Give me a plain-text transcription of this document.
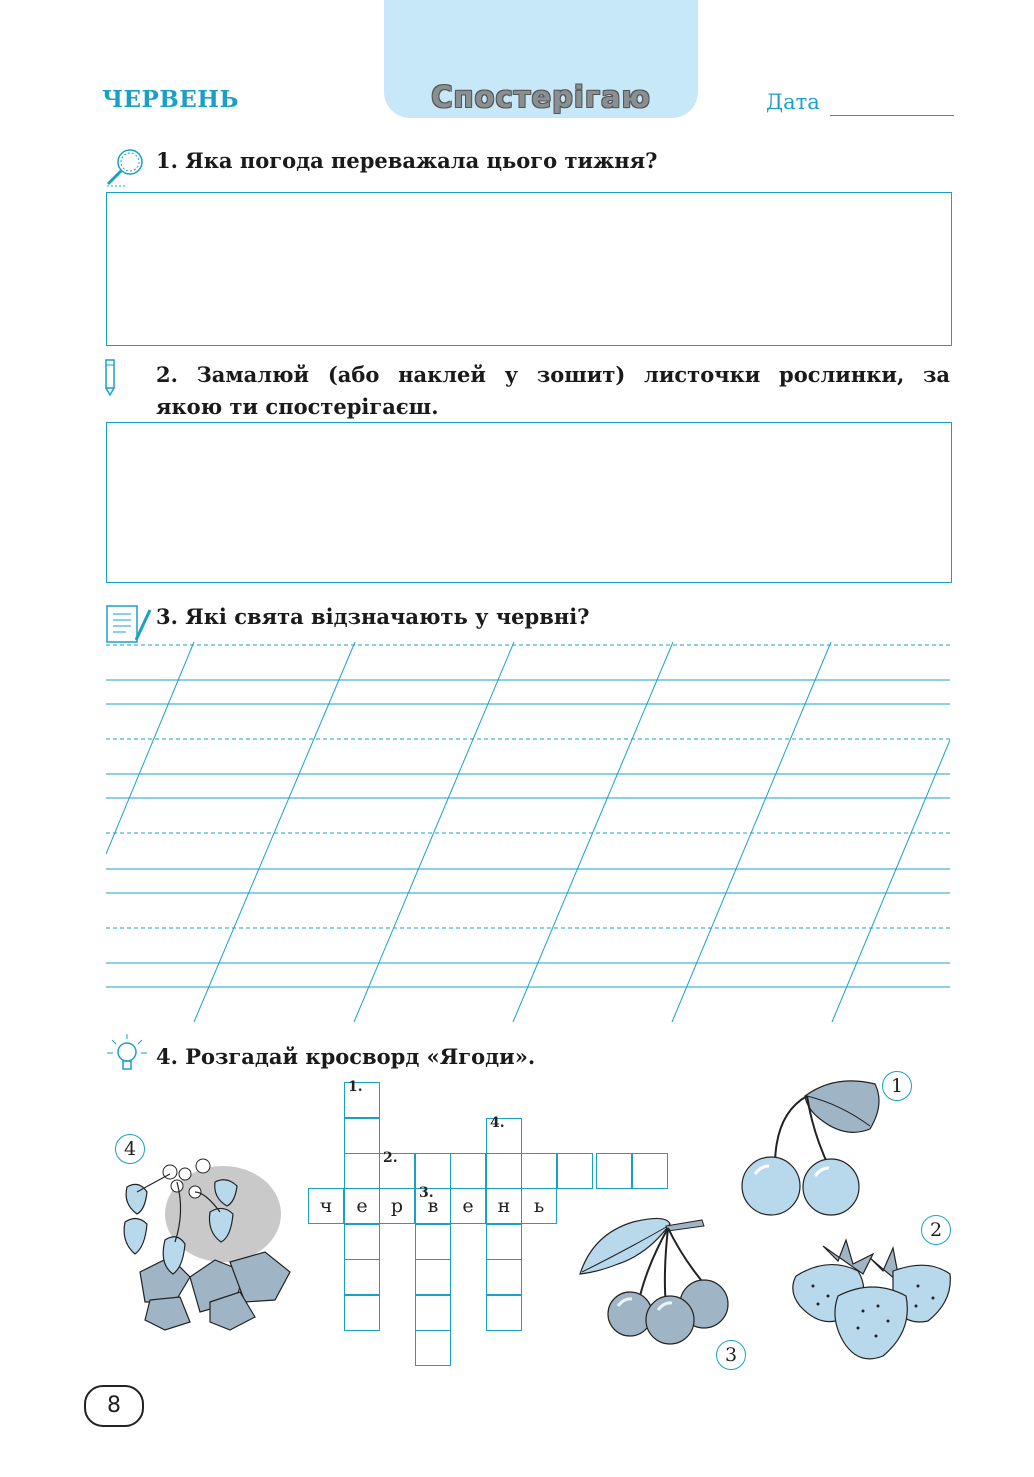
Спостерігаю
ЧЕРВЕНЬ	Дата
1. Яка погода переважала цього тижня?
2. Замалюй (або наклей у зошит) листочки рослинки, за
якою ти спостерігаєш.
3. Які свята відзначають у червні?
4. Розгадай кросворд «Ягоди».
1.
2.
4.
ч	е	р
3.
в	е	н	ь
4
1
2
3
8
